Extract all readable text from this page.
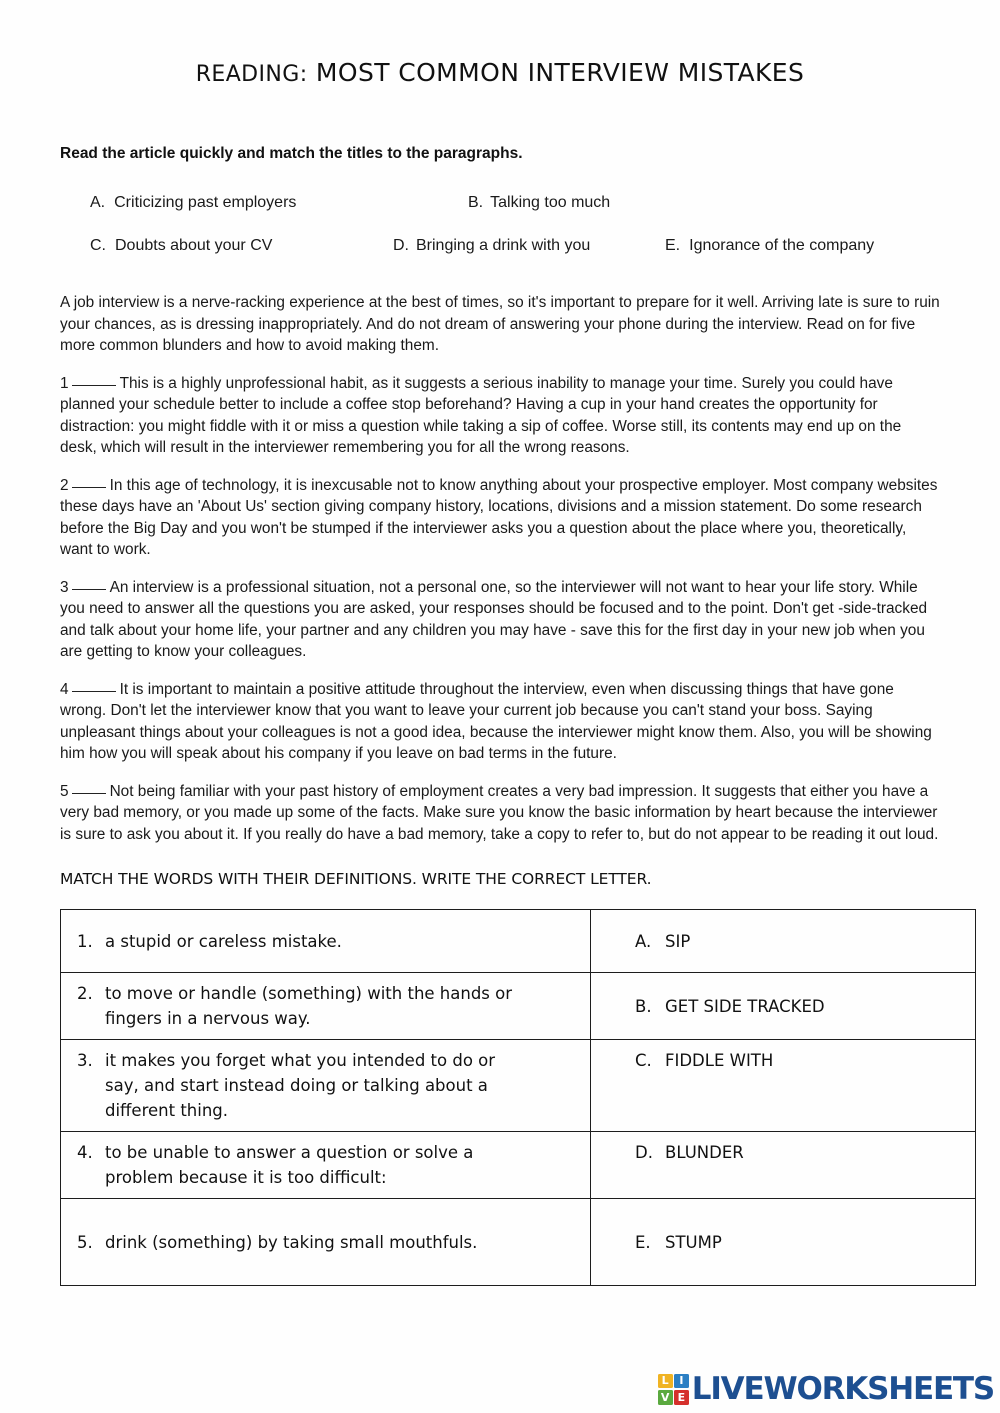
READING: MOST COMMON INTERVIEW MISTAKES
Read the article quickly and match the titles to the paragraphs.
A. Criticizing past employers	B. Talking too much
C. Doubts about your CV	D. Bringing a drink with you	E. Ignorance of the company

A job interview is a nerve-racking experience at the best of times, so it's important to prepare for it well. Arriving late is sure to ruin your chances, as is dressing inappropriately. And do not dream of answering your phone during the interview. Read on for five more common blunders and how to avoid making them.

1	This is a highly unprofessional habit, as it suggests a serious inability to manage your time. Surely you could have planned your schedule better to include a coffee stop beforehand? Having a cup in your hand creates the opportunity for distraction: you might fiddle with it or miss a question while taking a sip of coffee. Worse still, its contents may end up on the desk, which will result in the interviewer remembering you for all the wrong reasons.

2	In this age of technology, it is inexcusable not to know anything about your prospective employer. Most company websites these days have an 'About Us' section giving company history, locations, divisions and a mission statement. Do some research before the Big Day and you won't be stumped if the interviewer asks you a question about the place where you, theoretically, want to work.

3	An interview is a professional situation, not a personal one, so the interviewer will not want to hear your life story. While you need to answer all the questions you are asked, your responses should be focused and to the point. Don't get -side-tracked and talk about your home life, your partner and any children you may have - save this for the first day in your new job when you are getting to know your colleagues.

4	It is important to maintain a positive attitude throughout the interview, even when discussing things that have gone wrong. Don't let the interviewer know that you want to leave your current job because you can't stand your boss. Saying unpleasant things about your colleagues is not a good idea, because the interviewer might know them. Also, you will be showing him how you will speak about his company if you leave on bad terms in the future.

5	Not being familiar with your past history of employment creates a very bad impression. It suggests that either you have a very bad memory, or you made up some of the facts. Make sure you know the basic information by heart because the interviewer is sure to ask you about it. If you really do have a bad memory, take a copy to refer to, but do not appear to be reading it out loud.

MATCH THE WORDS WITH THEIR DEFINITIONS. WRITE THE CORRECT LETTER.
1. a stupid or careless mistake.	A. SIP
2. to move or handle (something) with the hands or fingers in a nervous way.	B. GET SIDE TRACKED
3. it makes you forget what you intended to do or say, and start instead doing or talking about a different thing.	C. FIDDLE WITH
4. to be unable to answer a question or solve a problem because it is too difficult:	D. BLUNDER
5. drink (something) by taking small mouthfuls.	E. STUMP
L I
V E LIVEWORKSHEETS
